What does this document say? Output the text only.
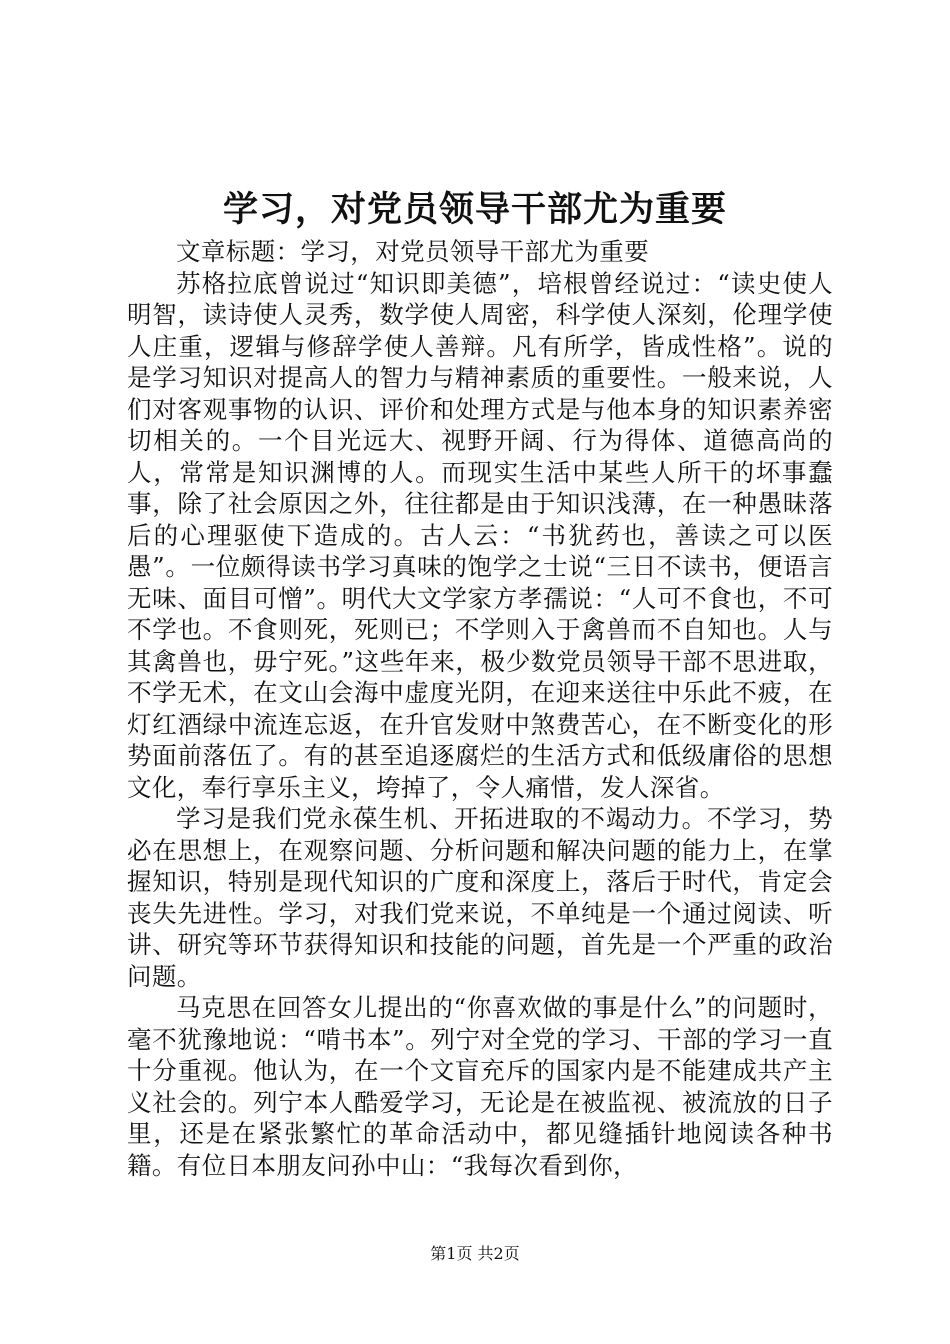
学习，对党员领导干部尤为重要

文章标题：学习，对党员领导干部尤为重要

苏格拉底曾说过“知识即美德”，培根曾经说过：“读史使人明智，读诗使人灵秀，数学使人周密，科学使人深刻，伦理学使人庄重，逻辑与修辞学使人善辩。凡有所学，皆成性格”。说的是学习知识对提高人的智力与精神素质的重要性。一般来说，人们对客观事物的认识、评价和处理方式是与他本身的知识素养密切相关的。一个目光远大、视野开阔、行为得体、道德高尚的人，常常是知识渊博的人。而现实生活中某些人所干的坏事蠢事，除了社会原因之外，往往都是由于知识浅薄，在一种愚昧落后的心理驱使下造成的。古人云：“书犹药也，善读之可以医愚”。一位颇得读书学习真味的饱学之士说“三日不读书，便语言无味、面目可憎”。明代大文学家方孝孺说：“人可不食也，不可不学也。不食则死，死则已；不学则入于禽兽而不自知也。人与其禽兽也，毋宁死。”这些年来，极少数党员领导干部不思进取，不学无术，在文山会海中虚度光阴，在迎来送往中乐此不疲，在灯红酒绿中流连忘返，在升官发财中煞费苦心，在不断变化的形势面前落伍了。有的甚至追逐腐烂的生活方式和低级庸俗的思想文化，奉行享乐主义，垮掉了，令人痛惜，发人深省。

学习是我们党永葆生机、开拓进取的不竭动力。不学习，势必在思想上，在观察问题、分析问题和解决问题的能力上，在掌握知识，特别是现代知识的广度和深度上，落后于时代，肯定会丧失先进性。学习，对我们党来说，不单纯是一个通过阅读、听讲、研究等环节获得知识和技能的问题，首先是一个严重的政治问题。

马克思在回答女儿提出的“你喜欢做的事是什么”的问题时，毫不犹豫地说：“啃书本”。列宁对全党的学习、干部的学习一直十分重视。他认为，在一个文盲充斥的国家内是不能建成共产主义社会的。列宁本人酷爱学习，无论是在被监视、被流放的日子里，还是在紧张繁忙的革命活动中，都见缝插针地阅读各种书籍。有位日本朋友问孙中山：“我每次看到你，

第1页 共2页
